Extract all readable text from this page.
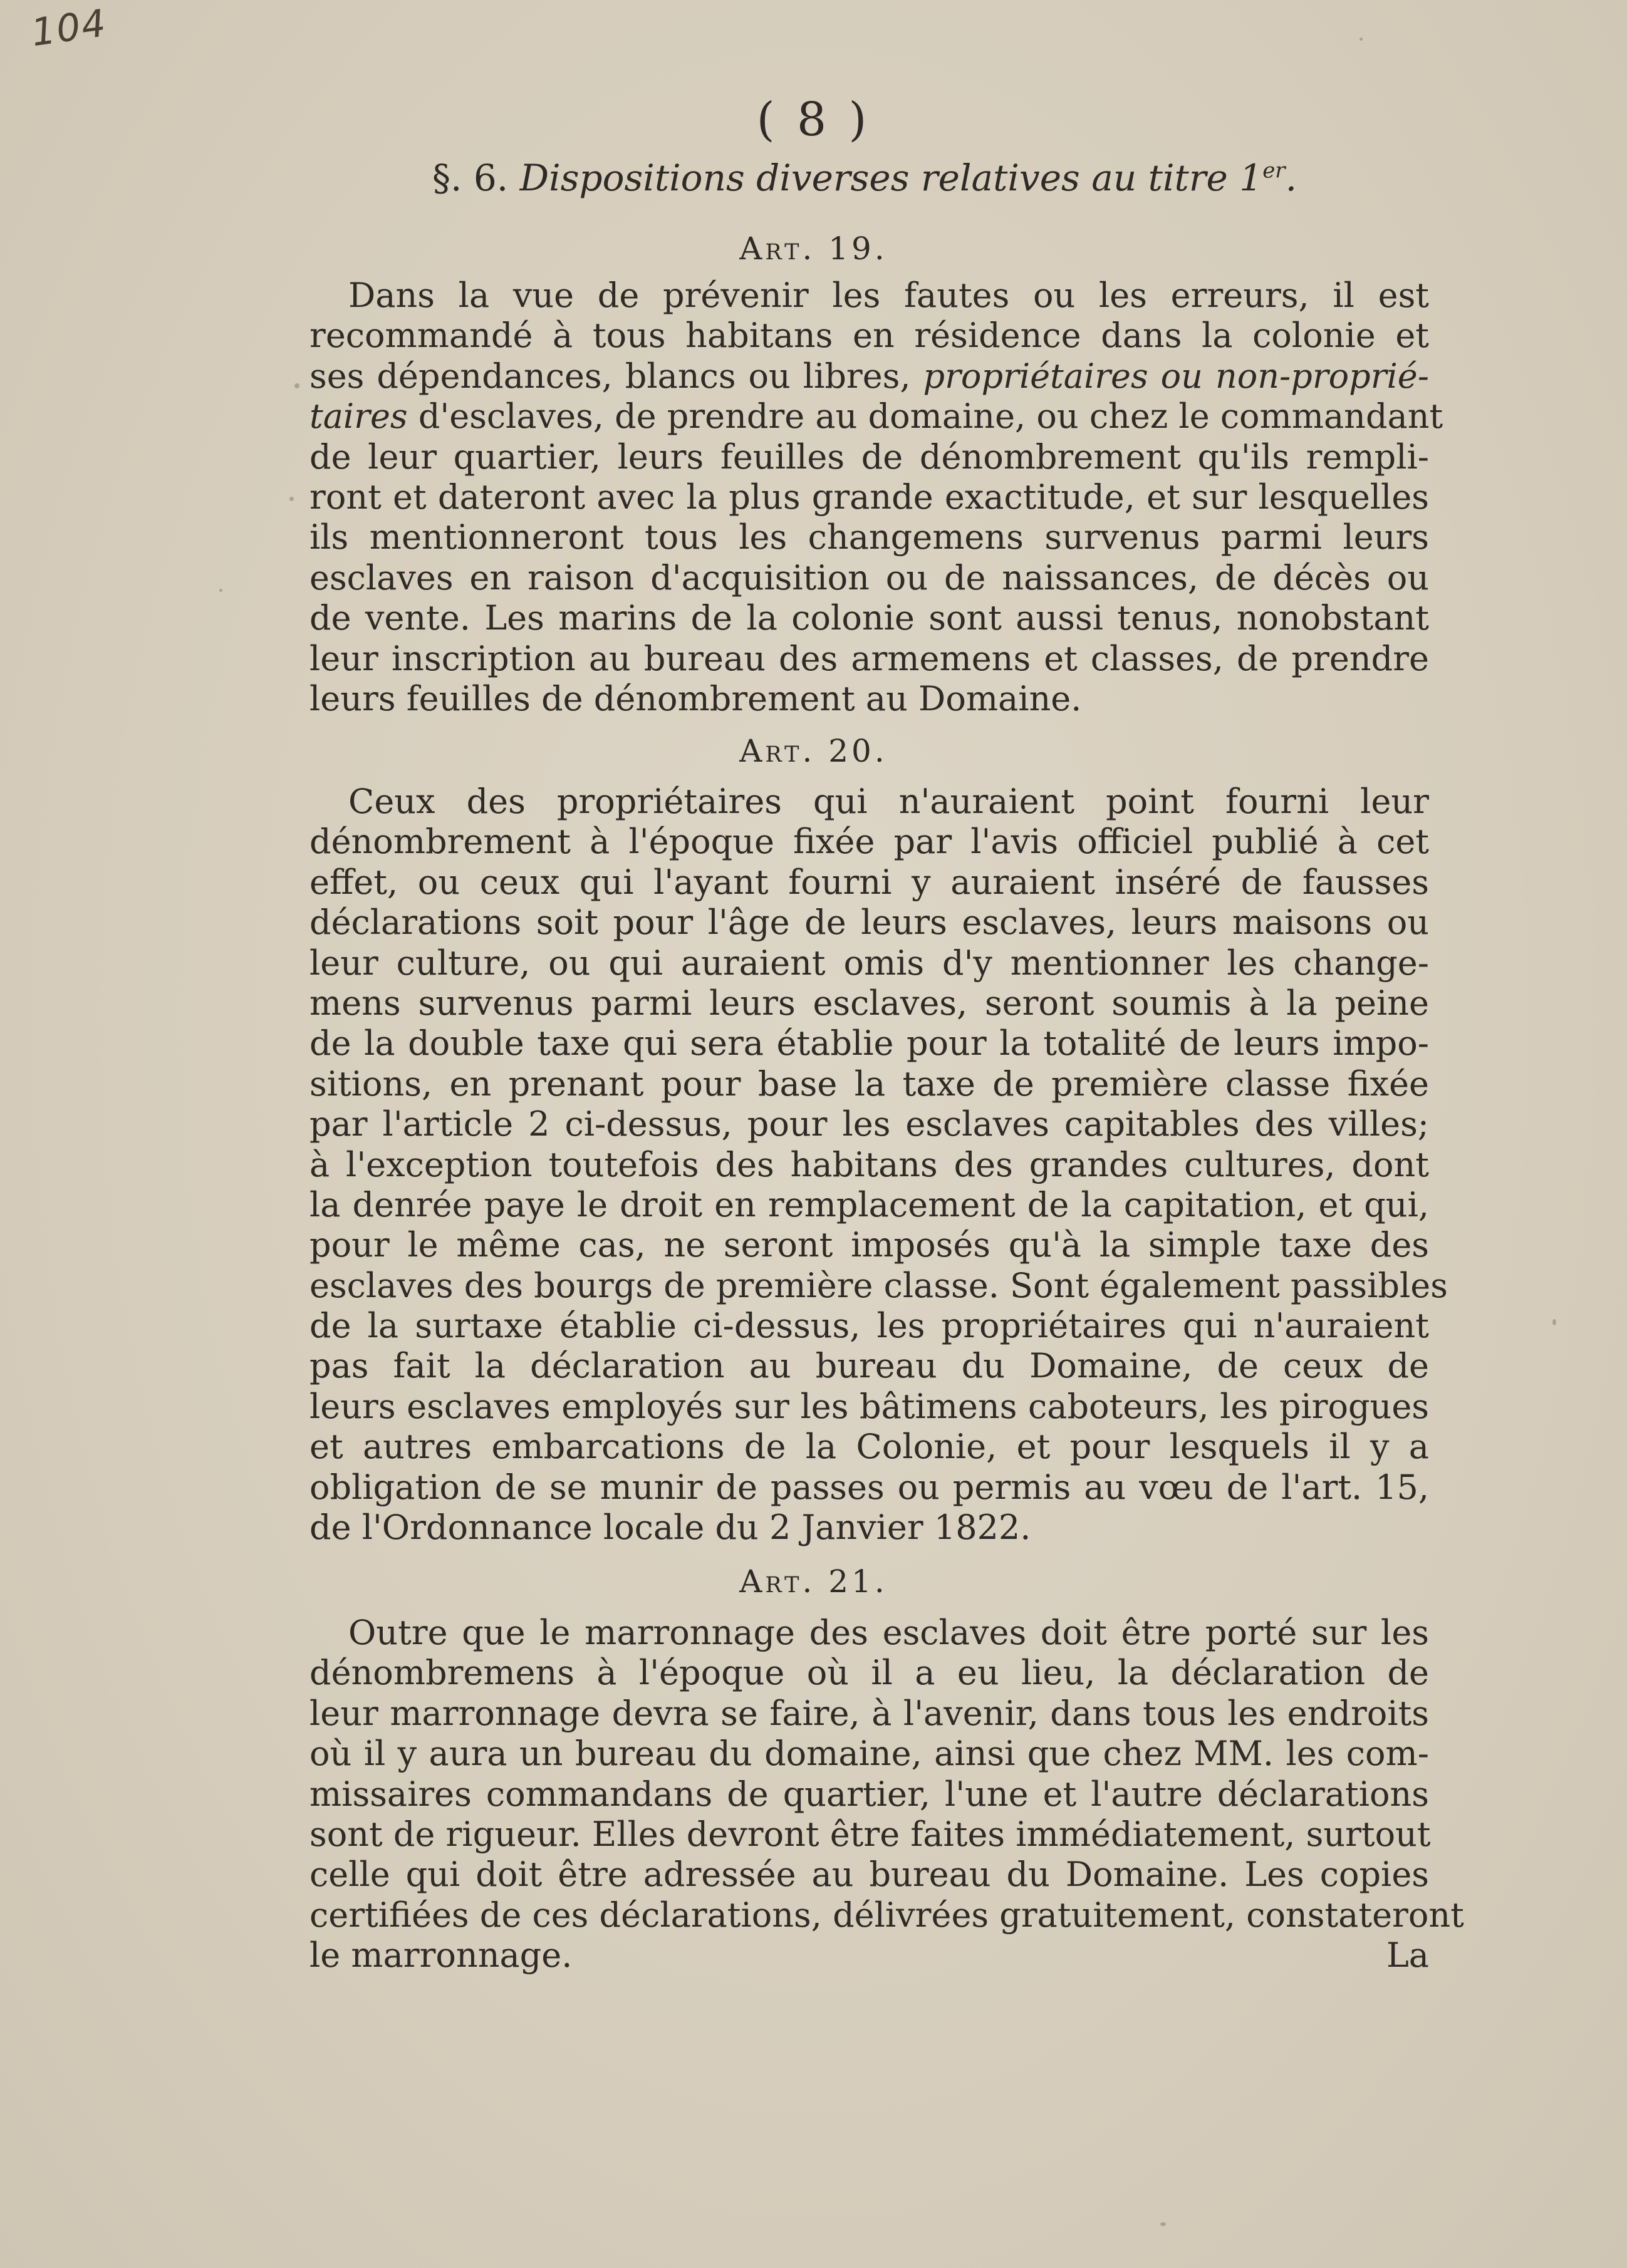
104
( 8 )
§. 6. Dispositions diverses relatives au titre 1er.
Art. 19.
Dans la vue de prévenir les fautes ou les erreurs, il est
recommandé à tous habitans en résidence dans la colonie et
ses dépendances, blancs ou libres, propriétaires ou non-proprié-
taires d'esclaves, de prendre au domaine, ou chez le commandant
de leur quartier, leurs feuilles de dénombrement qu'ils rempli-
ront et dateront avec la plus grande exactitude, et sur lesquelles
ils mentionneront tous les changemens survenus parmi leurs
esclaves en raison d'acquisition ou de naissances, de décès ou
de vente. Les marins de la colonie sont aussi tenus, nonobstant
leur inscription au bureau des armemens et classes, de prendre
leurs feuilles de dénombrement au Domaine.
Art. 20.
Ceux des propriétaires qui n'auraient point fourni leur
dénombrement à l'époque fixée par l'avis officiel publié à cet
effet, ou ceux qui l'ayant fourni y auraient inséré de fausses
déclarations soit pour l'âge de leurs esclaves, leurs maisons ou
leur culture, ou qui auraient omis d'y mentionner les change-
mens survenus parmi leurs esclaves, seront soumis à la peine
de la double taxe qui sera établie pour la totalité de leurs impo-
sitions, en prenant pour base la taxe de première classe fixée
par l'article 2 ci-dessus, pour les esclaves capitables des villes;
à l'exception toutefois des habitans des grandes cultures, dont
la denrée paye le droit en remplacement de la capitation, et qui,
pour le même cas, ne seront imposés qu'à la simple taxe des
esclaves des bourgs de première classe. Sont également passibles
de la surtaxe établie ci-dessus, les propriétaires qui n'auraient
pas fait la déclaration au bureau du Domaine, de ceux de
leurs esclaves employés sur les bâtimens caboteurs, les pirogues
et autres embarcations de la Colonie, et pour lesquels il y a
obligation de se munir de passes ou permis au vœu de l'art. 15,
de l'Ordonnance locale du 2 Janvier 1822.
Art. 21.
Outre que le marronnage des esclaves doit être porté sur les
dénombremens à l'époque où il a eu lieu, la déclaration de
leur marronnage devra se faire, à l'avenir, dans tous les endroits
où il y aura un bureau du domaine, ainsi que chez MM. les com-
missaires commandans de quartier, l'une et l'autre déclarations
sont de rigueur. Elles devront être faites immédiatement, surtout
celle qui doit être adressée au bureau du Domaine. Les copies
certifiées de ces déclarations, délivrées gratuitement, constateront
le marronnage.	La
